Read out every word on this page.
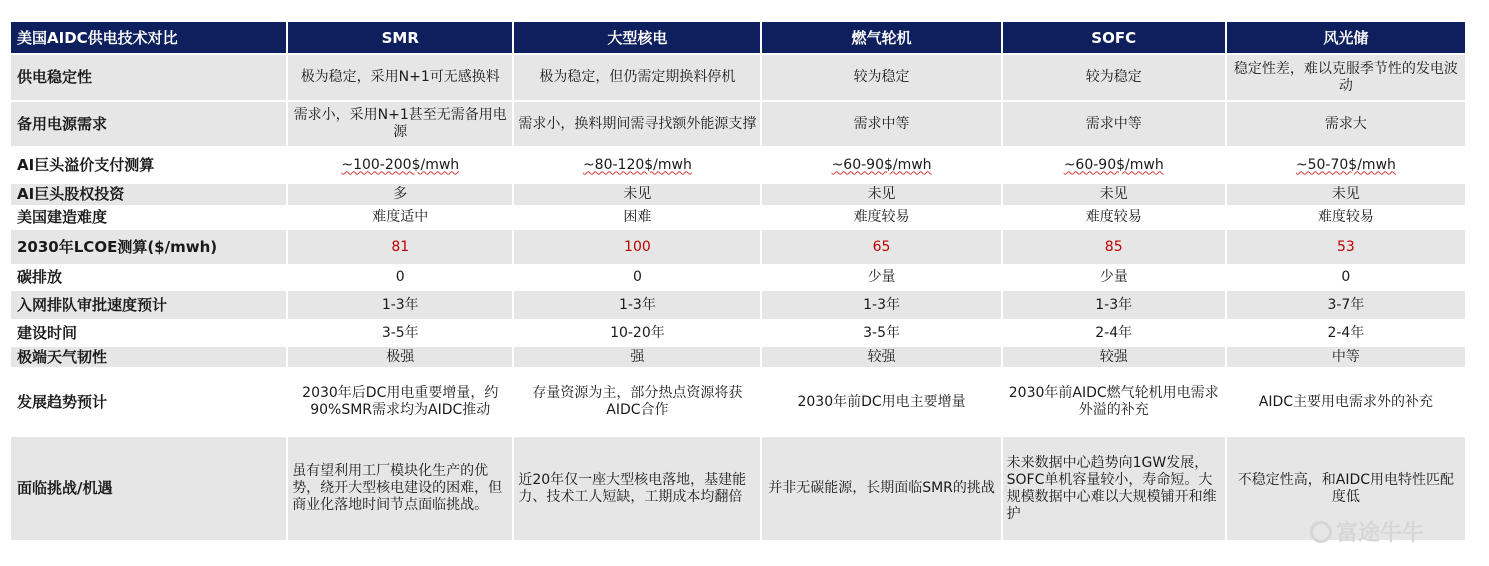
美国AIDC供电技术对比	SMR	大型核电	燃气轮机	SOFC	风光储
供电稳定性	极为稳定，采用N+1可无感换料	极为稳定，但仍需定期换料停机	较为稳定	较为稳定	稳定性差，难以克服季节性的发电波动
备用电源需求	需求小，采用N+1甚至无需备用电源	需求小，换料期间需寻找额外能源支撑	需求中等	需求中等	需求大
AI巨头溢价支付测算	~100-200$/mwh	~80-120$/mwh	~60-90$/mwh	~60-90$/mwh	~50-70$/mwh
AI巨头股权投资	多	未见	未见	未见	未见
美国建造难度	难度适中	困难	难度较易	难度较易	难度较易
2030年LCOE测算($/mwh)	81	100	65	85	53
碳排放	0	0	少量	少量	0
入网排队审批速度预计	1-3年	1-3年	1-3年	1-3年	3-7年
建设时间	3-5年	10-20年	3-5年	2-4年	2-4年
极端天气韧性	极强	强	较强	较强	中等
发展趋势预计	2030年后DC用电重要增量，约90%SMR需求均为AIDC推动	存量资源为主，部分热点资源将获AIDC合作	2030年前DC用电主要增量	2030年前AIDC燃气轮机用电需求外溢的补充	AIDC主要用电需求外的补充
面临挑战/机遇	虽有望利用工厂模块化生产的优势，绕开大型核电建设的困难，但商业化落地时间节点面临挑战。	近20年仅一座大型核电落地，基建能力、技术工人短缺，工期成本均翻倍	并非无碳能源，长期面临SMR的挑战	未来数据中心趋势向1GW发展，SOFC单机容量较小，寿命短。大规模数据中心难以大规模铺开和维护	不稳定性高，和AIDC用电特性匹配度低
富途牛牛
